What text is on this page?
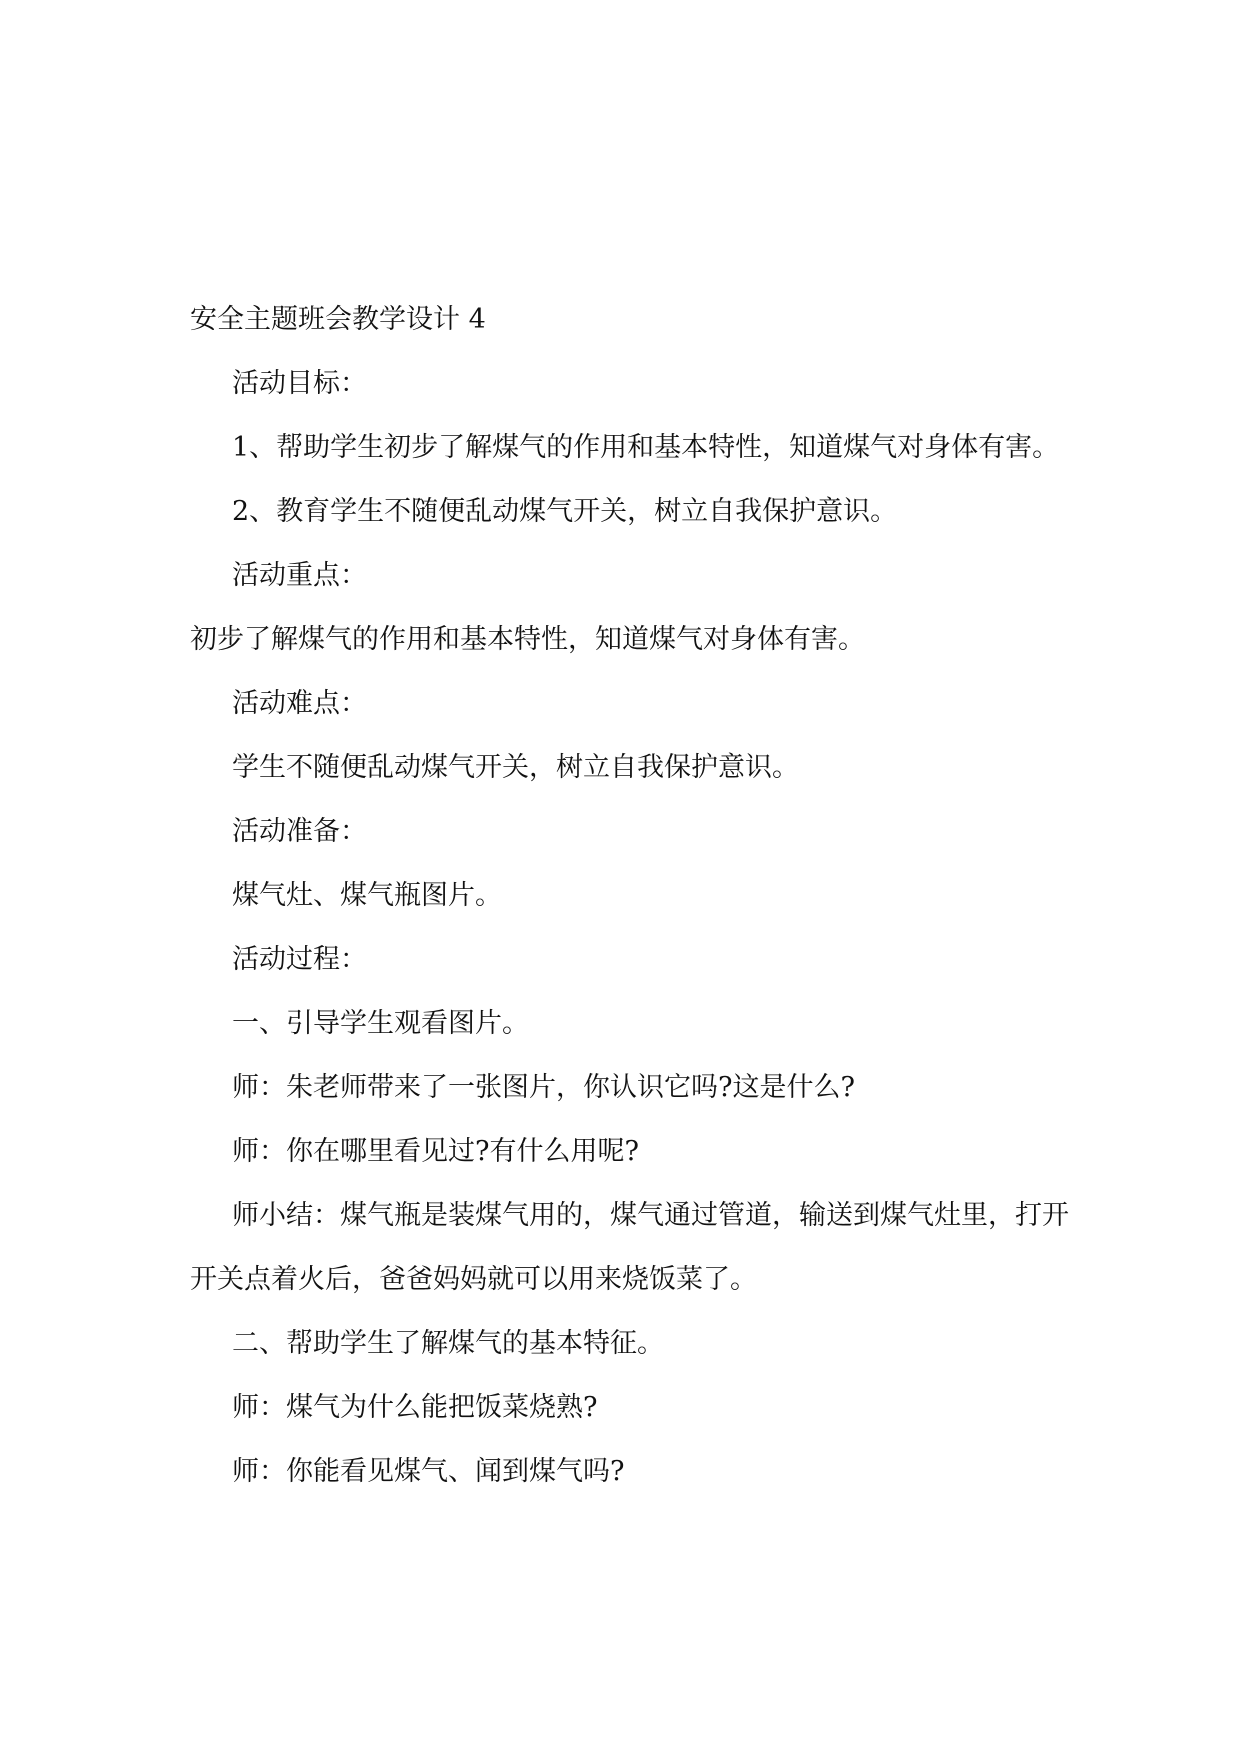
安全主题班会教学设计 4

活动目标：

1、帮助学生初步了解煤气的作用和基本特性，知道煤气对身体有害。

2、教育学生不随便乱动煤气开关，树立自我保护意识。

活动重点：

初步了解煤气的作用和基本特性，知道煤气对身体有害。

活动难点：

学生不随便乱动煤气开关，树立自我保护意识。

活动准备：

煤气灶、煤气瓶图片。

活动过程：

一、引导学生观看图片。

师：朱老师带来了一张图片，你认识它吗?这是什么?

师：你在哪里看见过?有什么用呢?

师小结：煤气瓶是装煤气用的，煤气通过管道，输送到煤气灶里，打开开关点着火后，爸爸妈妈就可以用来烧饭菜了。

二、帮助学生了解煤气的基本特征。

师：煤气为什么能把饭菜烧熟?

师：你能看见煤气、闻到煤气吗?
